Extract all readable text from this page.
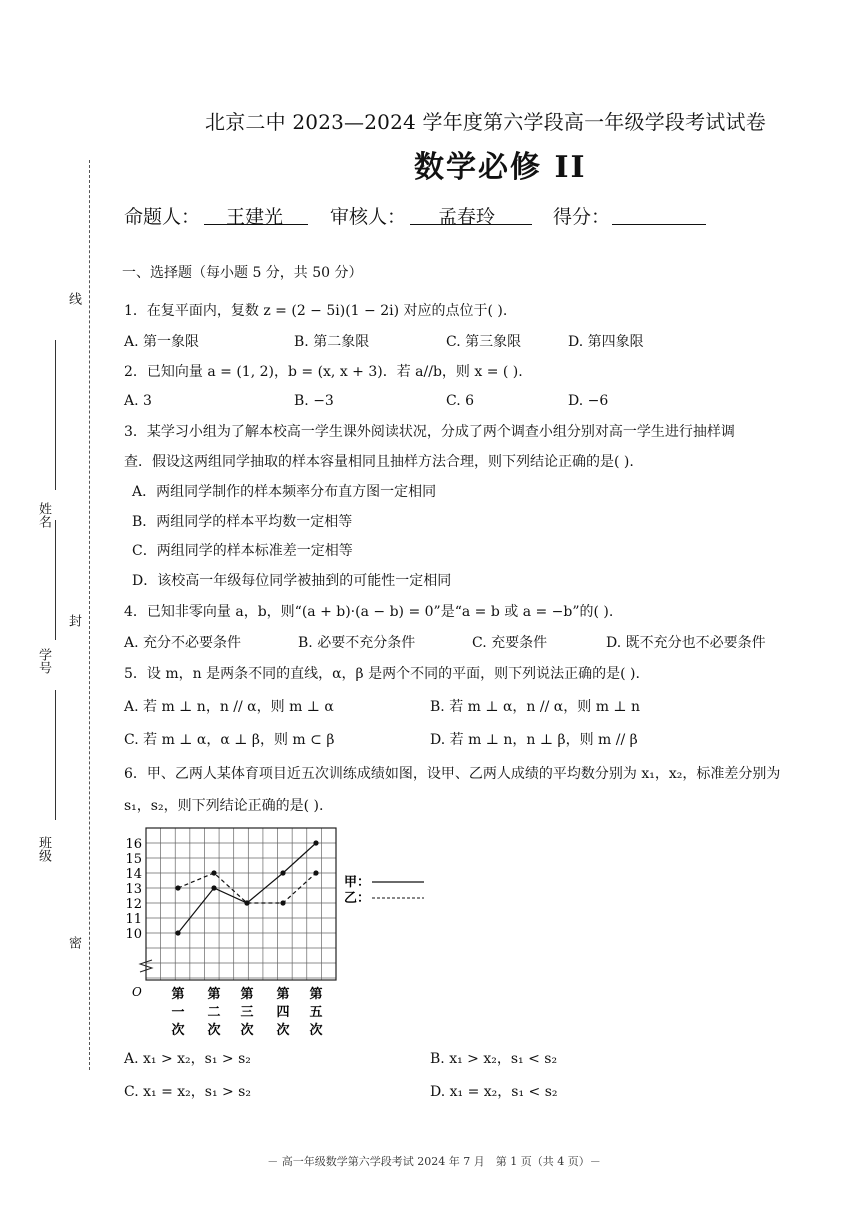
线
封
密
姓名
学号
班级
北京二中 2023—2024 学年度第六学段高一年级学段考试试卷
数学必修 II
命题人： 王建光 审核人： 孟春玲	得分：
一、选择题（每小题 5 分，共 50 分）
1．在复平面内，复数 z = (2 − 5i)(1 − 2i) 对应的点位于( ).
A. 第一象限	B. 第二象限	C. 第三象限	D. 第四象限
2．已知向量 a = (1, 2)，b = (x, x + 3)．若 a//b，则 x = ( ).
A. 3	B. −3	C. 6	D. −6
3．某学习小组为了解本校高一学生课外阅读状况，分成了两个调查小组分别对高一学生进行抽样调
查．假设这两组同学抽取的样本容量相同且抽样方法合理，则下列结论正确的是( ).
A．两组同学制作的样本频率分布直方图一定相同
B．两组同学的样本平均数一定相等
C．两组同学的样本标准差一定相等
D．该校高一年级每位同学被抽到的可能性一定相同
4．已知非零向量 a，b，则“(a + b)·(a − b) = 0”是“a = b 或 a = −b”的( ).
A. 充分不必要条件	B. 必要不充分条件	C. 充要条件	D. 既不充分也不必要条件
5．设 m，n 是两条不同的直线，α，β 是两个不同的平面，则下列说法正确的是( ).
A. 若 m ⊥ n，n // α，则 m ⊥ α	B. 若 m ⊥ α，n // α，则 m ⊥ n
C. 若 m ⊥ α，α ⊥ β，则 m ⊂ β	D. 若 m ⊥ n，n ⊥ β，则 m // β
6．甲、乙两人某体育项目近五次训练成绩如图，设甲、乙两人成绩的平均数分别为 x₁，x₂，标准差分别为
s₁，s₂，则下列结论正确的是( ).
10
11
12
13
14
15
16
O 第
一
次
第
二
次
第
三
次
第
四
次
第
五
次
甲：
乙：
A. x₁ > x₂，s₁ > s₂	B. x₁ > x₂，s₁ < s₂
C. x₁ = x₂，s₁ > s₂	D. x₁ = x₂，s₁ < s₂
－ 高一年级数学第六学段考试 2024 年 7 月　第 1 页（共 4 页）－
